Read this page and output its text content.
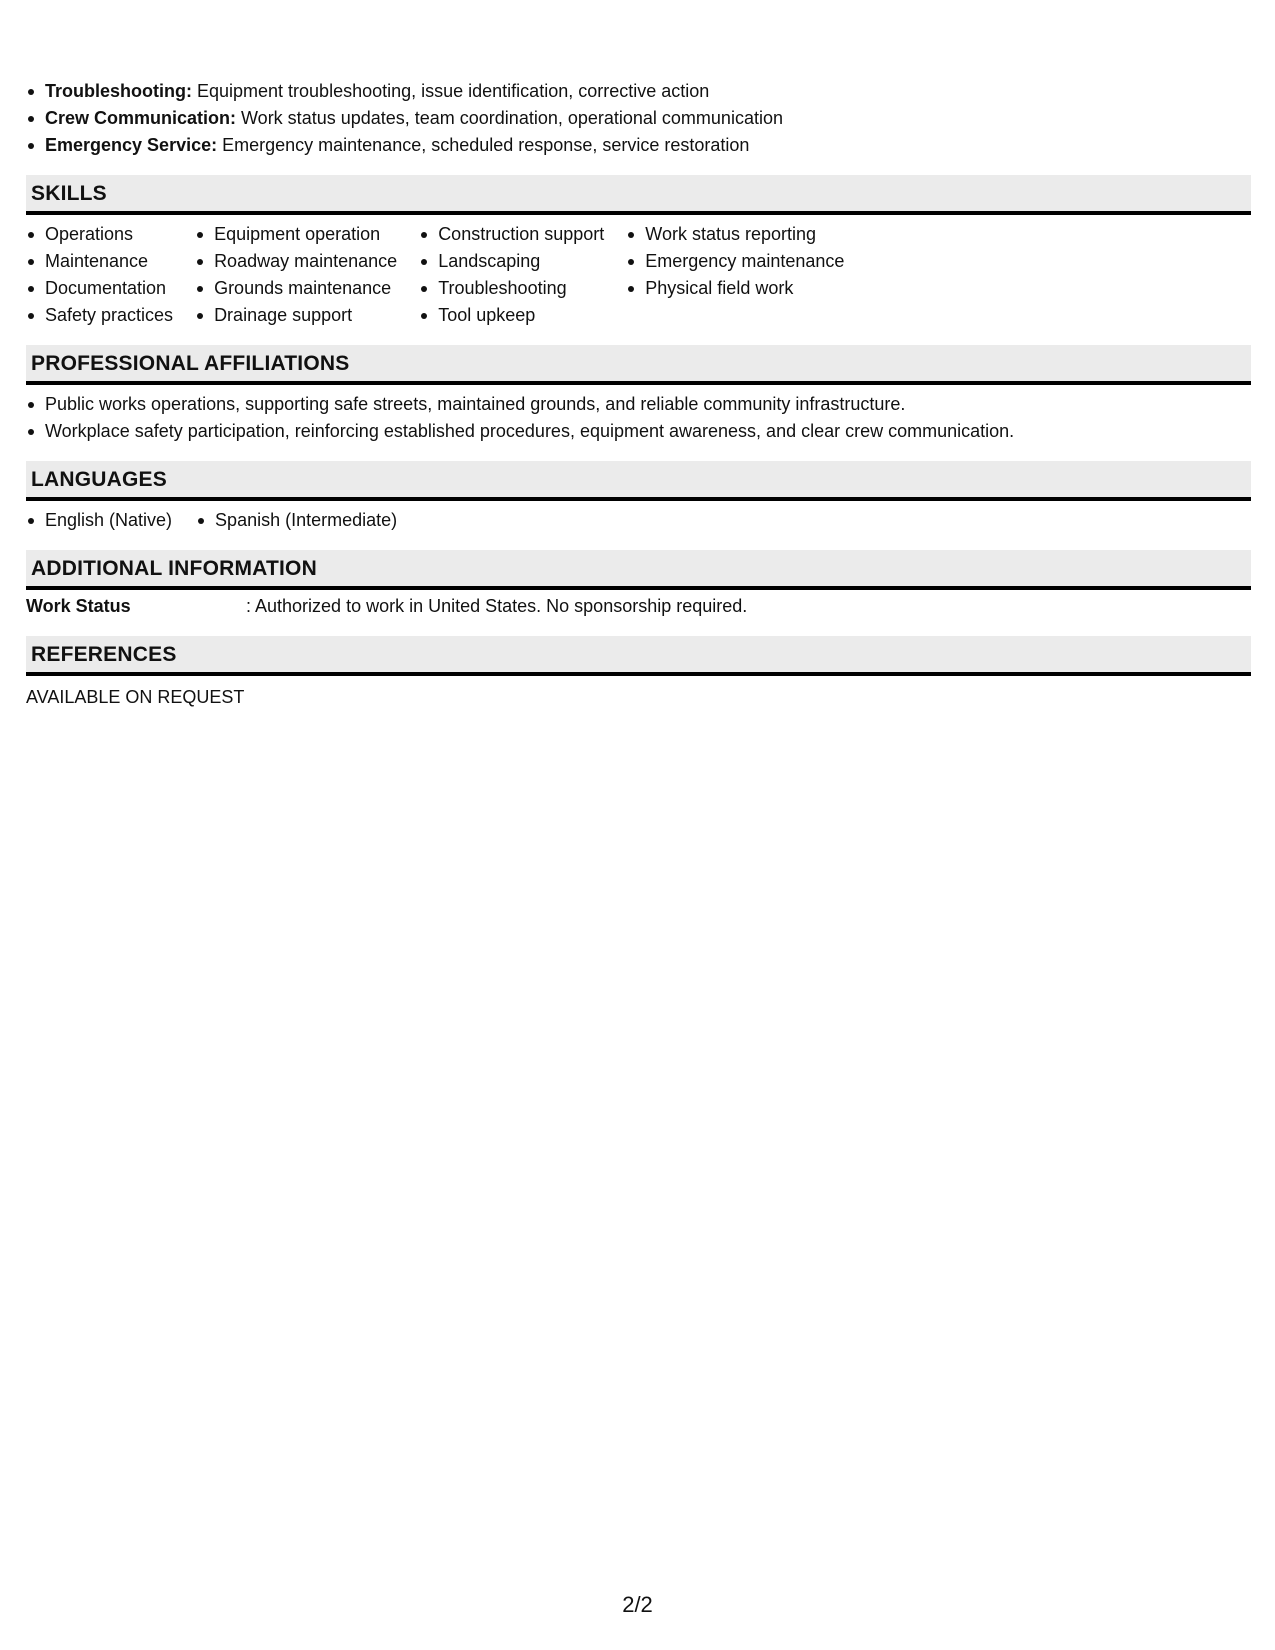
Troubleshooting: Equipment troubleshooting, issue identification, corrective action
Crew Communication: Work status updates, team coordination, operational communication
Emergency Service: Emergency maintenance, scheduled response, service restoration
SKILLS
Operations
Maintenance
Documentation
Safety practices
Equipment operation
Roadway maintenance
Grounds maintenance
Drainage support
Construction support
Landscaping
Troubleshooting
Tool upkeep
Work status reporting
Emergency maintenance
Physical field work
PROFESSIONAL AFFILIATIONS
Public works operations, supporting safe streets, maintained grounds, and reliable community infrastructure.
Workplace safety participation, reinforcing established procedures, equipment awareness, and clear crew communication.
LANGUAGES
English (Native)	Spanish (Intermediate)
ADDITIONAL INFORMATION
Work Status	: Authorized to work in United States. No sponsorship required.
REFERENCES
AVAILABLE ON REQUEST
2/2
